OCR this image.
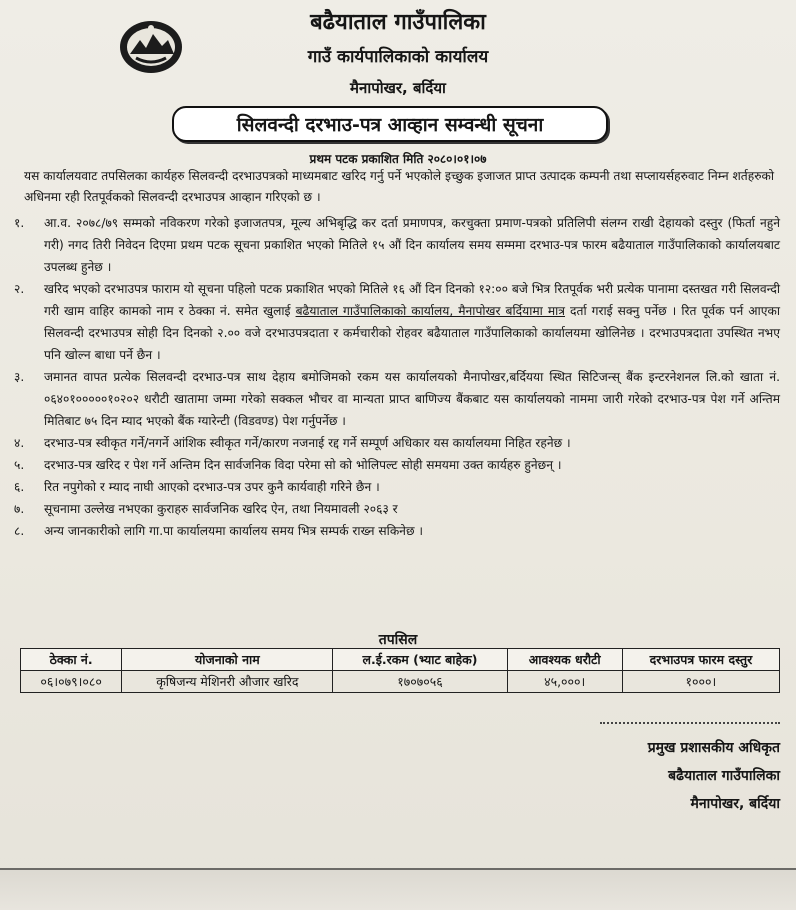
बढैयाताल गाउँपालिका
गाउँ कार्यपालिकाको कार्यालय
मैनापोखर, बर्दिया
सिलवन्दी दरभाउ-पत्र आव्हान सम्वन्धी सूचना
प्रथम पटक प्रकाशित मिति २०८०।०१।०७
यस कार्यालयवाट तपसिलका कार्यहरु सिलवन्दी दरभाउपत्रको माध्यमबाट खरिद गर्नु पर्ने भएकोले इच्छुक इजाजत प्राप्त उत्पादक कम्पनी तथा सप्लायर्सहरुवाट निम्न शर्तहरुको अधिनमा रही रितपूर्वकको सिलवन्दी दरभाउपत्र आव्हान गरिएको छ ।
१.	आ.व. २०७८/७९ सम्मको नविकरण गरेको इजाजतपत्र, मूल्य अभिबृद्धि कर दर्ता प्रमाणपत्र, करचुक्ता प्रमाण-पत्रको प्रतिलिपी संलग्न राखी देहायको दस्तुर (फिर्ता नहुने गरी) नगद तिरी निवेदन दिएमा प्रथम पटक सूचना प्रकाशित भएको मितिले १५ औं दिन कार्यालय समय सम्ममा दरभाउ-पत्र फारम बढैयाताल गाउँपालिकाको कार्यालयबाट उपलब्ध हुनेछ ।
२.	खरिद भएको दरभाउपत्र फाराम यो सूचना पहिलो पटक प्रकाशित भएको मितिले १६ औं दिन दिनको १२:०० बजे भित्र रितपूर्वक भरी प्रत्येक पानामा दस्तखत गरी सिलवन्दी गरी खाम वाहिर कामको नाम र ठेक्का नं. समेत खुलाई बढैयाताल गाउँपालिकाको कार्यालय, मैनापोखर बर्दियामा मात्र दर्ता गराई सक्नु पर्नेछ । रित पूर्वक पर्न आएका सिलवन्दी दरभाउपत्र सोही दिन दिनको २.०० वजे दरभाउपत्रदाता र कर्मचारीको रोहवर बढैयाताल गाउँपालिकाको कार्यालयमा खोलिनेछ । दरभाउपत्रदाता उपस्थित नभए पनि खोल्न बाधा पर्ने छैन ।
३.	जमानत वापत प्रत्येक सिलवन्दी दरभाउ-पत्र साथ देहाय बमोजिमको रकम यस कार्यालयको मैनापोखर,बर्दियया स्थित सिटिजन्स् बैंक इन्टरनेशनल लि.को खाता नं. ०६४०१०००००१०२०२ धरौटी खातामा जम्मा गरेको सक्कल भौचर वा मान्यता प्राप्त बाणिज्य बैंकबाट यस कार्यालयको नाममा जारी गरेको दरभाउ-पत्र पेश गर्ने अन्तिम मितिबाट ७५ दिन म्याद भएको बैंक ग्यारेन्टी (विडवण्ड) पेश गर्नुपर्नेछ ।
४.	दरभाउ-पत्र स्वीकृत गर्ने/नगर्ने आंशिक स्वीकृत गर्ने/कारण नजनाई रद्द गर्ने सम्पूर्ण अधिकार यस कार्यालयमा निहित रहनेछ ।
५.	दरभाउ-पत्र खरिद र पेश गर्ने अन्तिम दिन सार्वजनिक विदा परेमा सो को भोलिपल्ट सोही समयमा उक्त कार्यहरु हुनेछन् ।
६.	रित नपुगेको र म्याद नाघी आएको दरभाउ-पत्र उपर कुनै कार्यवाही गरिने छैन ।
७.	सूचनामा उल्लेख नभएका कुराहरु सार्वजनिक खरिद ऐन, तथा नियमावली २०६३ र
८.	अन्य जानकारीको लागि गा.पा कार्यालयमा कार्यालय समय भित्र सम्पर्क राख्न सकिनेछ ।
तपसिल
ठेक्का नं.	योजनाको नाम	ल.ई.रकम (भ्याट बाहेक)	आवश्यक धरौटी	दरभाउपत्र फारम दस्तुर
०६।०७९।०८०	कृषिजन्य मेशिनरी औजार खरिद	१७०७०५६	४५,०००।	१०००।
प्रमुख प्रशासकीय अधिकृत
बढैयाताल गाउँपालिका
मैनापोखर, बर्दिया
